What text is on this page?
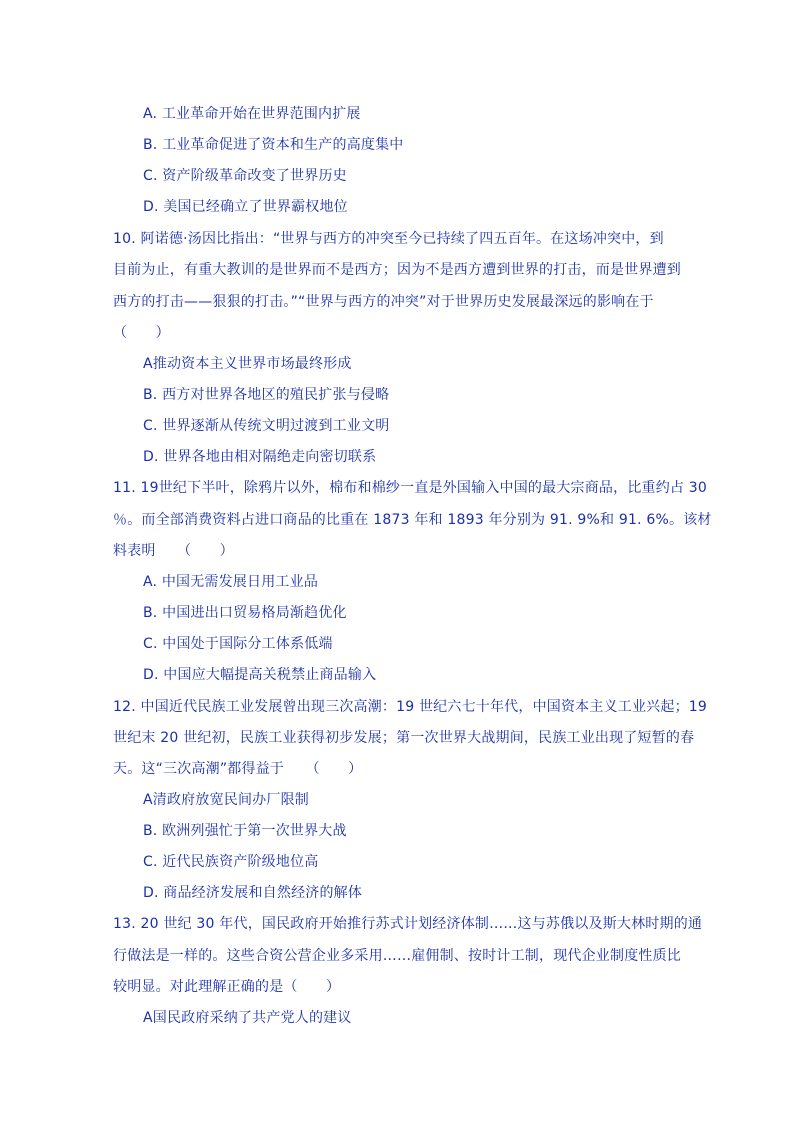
A. 工业革命开始在世界范围内扩展
B. 工业革命促进了资本和生产的高度集中
C. 资产阶级革命改变了世界历史
D. 美国已经确立了世界霸权地位
10. 阿诺德·汤因比指出：“世界与西方的冲突至今已持续了四五百年。在这场冲突中，到
目前为止，有重大教训的是世界而不是西方；因为不是西方遭到世界的打击，而是世界遭到
西方的打击——狠狠的打击。”“世界与西方的冲突”对于世界历史发展最深远的影响在于
（　　）
A推动资本主义世界市场最终形成
B. 西方对世界各地区的殖民扩张与侵略
C. 世界逐渐从传统文明过渡到工业文明
D. 世界各地由相对隔绝走向密切联系
11. 19世纪下半叶，除鸦片以外，棉布和棉纱一直是外国输入中国的最大宗商品，比重约占 30
％。而全部消费资料占进口商品的比重在 1873 年和 1893 年分别为 91. 9%和 91. 6%。该材
料表明　　（　　）
A. 中国无需发展日用工业品
B. 中国进出口贸易格局渐趋优化
C. 中国处于国际分工体系低端
D. 中国应大幅提高关税禁止商品输入
12. 中国近代民族工业发展曾出现三次高潮：19 世纪六七十年代，中国资本主义工业兴起；19
世纪末 20 世纪初，民族工业获得初步发展；第一次世界大战期间，民族工业出现了短暂的春
天。这“三次高潮”都得益于　　（　　）
A清政府放宽民间办厂限制
B. 欧洲列强忙于第一次世界大战
C. 近代民族资产阶级地位高
D. 商品经济发展和自然经济的解体
13. 20 世纪 30 年代，国民政府开始推行苏式计划经济体制……这与苏俄以及斯大林时期的通
行做法是一样的。这些合资公营企业多采用……雇佣制、按时计工制，现代企业制度性质比
较明显。对此理解正确的是（　　）
A国民政府采纳了共产党人的建议
